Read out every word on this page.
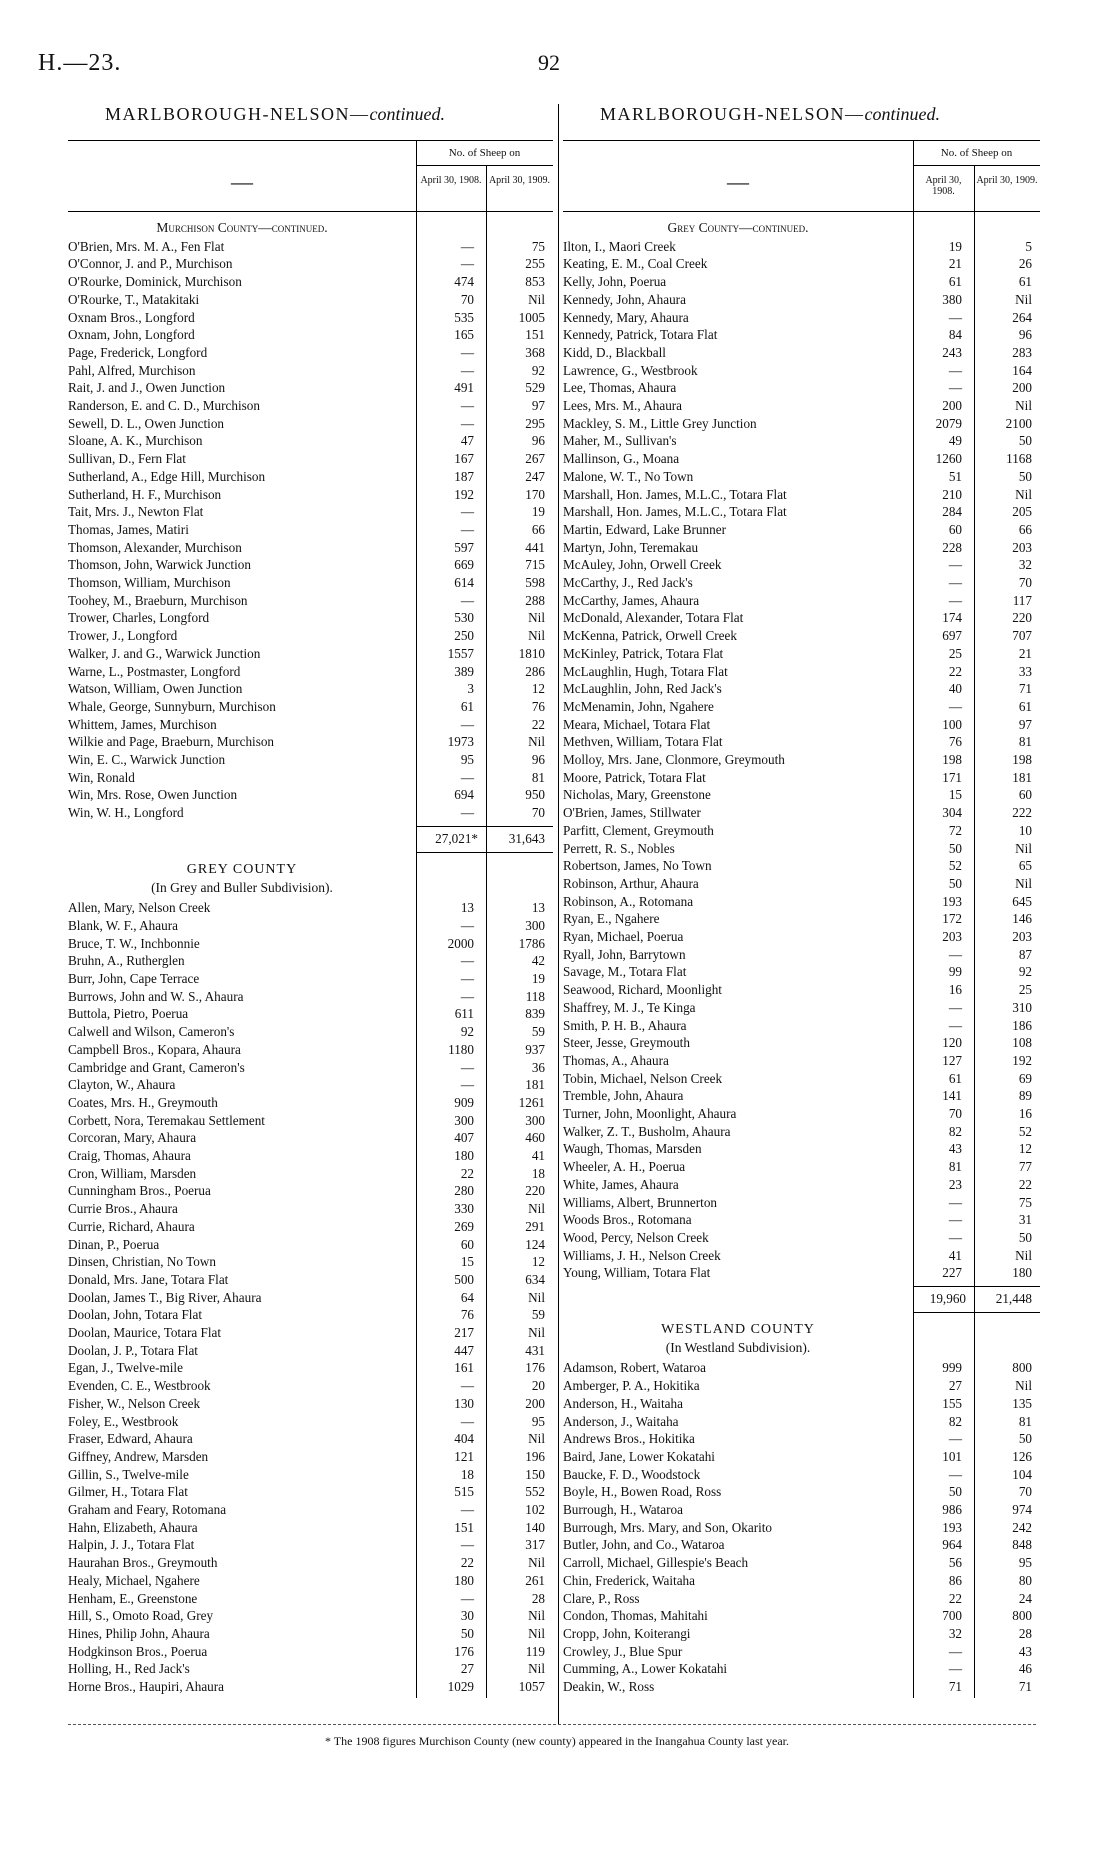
H.—23.	92
MARLBOROUGH-NELSON—continued.	MARLBOROUGH-NELSON—continued.
—
No. of Sheep on
April 30, 1908. April 30, 1909.
Murchison County—continued.
O'Brien, Mrs. M. A., Fen Flat	—	75
O'Connor, J. and P., Murchison	—	255
O'Rourke, Dominick, Murchison	474	853
O'Rourke, T., Matakitaki	70	Nil
Oxnam Bros., Longford	535	1005
Oxnam, John, Longford	165	151
Page, Frederick, Longford	—	368
Pahl, Alfred, Murchison	—	92
Rait, J. and J., Owen Junction	491	529
Randerson, E. and C. D., Murchison	—	97
Sewell, D. L., Owen Junction	—	295
Sloane, A. K., Murchison	47	96
Sullivan, D., Fern Flat	167	267
Sutherland, A., Edge Hill, Murchison	187	247
Sutherland, H. F., Murchison	192	170
Tait, Mrs. J., Newton Flat	—	19
Thomas, James, Matiri	—	66
Thomson, Alexander, Murchison	597	441
Thomson, John, Warwick Junction	669	715
Thomson, William, Murchison	614	598
Toohey, M., Braeburn, Murchison	—	288
Trower, Charles, Longford	530	Nil
Trower, J., Longford	250	Nil
Walker, J. and G., Warwick Junction	1557	1810
Warne, L., Postmaster, Longford	389	286
Watson, William, Owen Junction	3	12
Whale, George, Sunnyburn, Murchison	61	76
Whittem, James, Murchison	—	22
Wilkie and Page, Braeburn, Murchison	1973	Nil
Win, E. C., Warwick Junction	95	96
Win, Ronald	—	81
Win, Mrs. Rose, Owen Junction	694	950
Win, W. H., Longford	—	70
27,021*	31,643
GREY COUNTY
(In Grey and Buller Subdivision).
Allen, Mary, Nelson Creek	13	13
Blank, W. F., Ahaura	—	300
Bruce, T. W., Inchbonnie	2000	1786
Bruhn, A., Rutherglen	—	42
Burr, John, Cape Terrace	—	19
Burrows, John and W. S., Ahaura	—	118
Buttola, Pietro, Poerua	611	839
Calwell and Wilson, Cameron's	92	59
Campbell Bros., Kopara, Ahaura	1180	937
Cambridge and Grant, Cameron's	—	36
Clayton, W., Ahaura	—	181
Coates, Mrs. H., Greymouth	909	1261
Corbett, Nora, Teremakau Settlement	300	300
Corcoran, Mary, Ahaura	407	460
Craig, Thomas, Ahaura	180	41
Cron, William, Marsden	22	18
Cunningham Bros., Poerua	280	220
Currie Bros., Ahaura	330	Nil
Currie, Richard, Ahaura	269	291
Dinan, P., Poerua	60	124
Dinsen, Christian, No Town	15	12
Donald, Mrs. Jane, Totara Flat	500	634
Doolan, James T., Big River, Ahaura	64	Nil
Doolan, John, Totara Flat	76	59
Doolan, Maurice, Totara Flat	217	Nil
Doolan, J. P., Totara Flat	447	431
Egan, J., Twelve-mile	161	176
Evenden, C. E., Westbrook	—	20
Fisher, W., Nelson Creek	130	200
Foley, E., Westbrook	—	95
Fraser, Edward, Ahaura	404	Nil
Giffney, Andrew, Marsden	121	196
Gillin, S., Twelve-mile	18	150
Gilmer, H., Totara Flat	515	552
Graham and Feary, Rotomana	—	102
Hahn, Elizabeth, Ahaura	151	140
Halpin, J. J., Totara Flat	—	317
Haurahan Bros., Greymouth	22	Nil
Healy, Michael, Ngahere	180	261
Henham, E., Greenstone	—	28
Hill, S., Omoto Road, Grey	30	Nil
Hines, Philip John, Ahaura	50	Nil
Hodgkinson Bros., Poerua	176	119
Holling, H., Red Jack's	27	Nil
Horne Bros., Haupiri, Ahaura	1029	1057
—
No. of Sheep on
April 30, 1908.
April 30, 1909.
Grey County—continued.
Ilton, I., Maori Creek	19	5
Keating, E. M., Coal Creek	21	26
Kelly, John, Poerua	61	61
Kennedy, John, Ahaura	380	Nil
Kennedy, Mary, Ahaura	—	264
Kennedy, Patrick, Totara Flat	84	96
Kidd, D., Blackball	243	283
Lawrence, G., Westbrook	—	164
Lee, Thomas, Ahaura	—	200
Lees, Mrs. M., Ahaura	200	Nil
Mackley, S. M., Little Grey Junction	2079	2100
Maher, M., Sullivan's	49	50
Mallinson, G., Moana	1260	1168
Malone, W. T., No Town	51	50
Marshall, Hon. James, M.L.C., Totara Flat	210	Nil
Marshall, Hon. James, M.L.C., Totara Flat	284	205
Martin, Edward, Lake Brunner	60	66
Martyn, John, Teremakau	228	203
McAuley, John, Orwell Creek	—	32
McCarthy, J., Red Jack's	—	70
McCarthy, James, Ahaura	—	117
McDonald, Alexander, Totara Flat	174	220
McKenna, Patrick, Orwell Creek	697	707
McKinley, Patrick, Totara Flat	25	21
McLaughlin, Hugh, Totara Flat	22	33
McLaughlin, John, Red Jack's	40	71
McMenamin, John, Ngahere	—	61
Meara, Michael, Totara Flat	100	97
Methven, William, Totara Flat	76	81
Molloy, Mrs. Jane, Clonmore, Greymouth	198	198
Moore, Patrick, Totara Flat	171	181
Nicholas, Mary, Greenstone	15	60
O'Brien, James, Stillwater	304	222
Parfitt, Clement, Greymouth	72	10
Perrett, R. S., Nobles	50	Nil
Robertson, James, No Town	52	65
Robinson, Arthur, Ahaura	50	Nil
Robinson, A., Rotomana	193	645
Ryan, E., Ngahere	172	146
Ryan, Michael, Poerua	203	203
Ryall, John, Barrytown	—	87
Savage, M., Totara Flat	99	92
Seawood, Richard, Moonlight	16	25
Shaffrey, M. J., Te Kinga	—	310
Smith, P. H. B., Ahaura	—	186
Steer, Jesse, Greymouth	120	108
Thomas, A., Ahaura	127	192
Tobin, Michael, Nelson Creek	61	69
Tremble, John, Ahaura	141	89
Turner, John, Moonlight, Ahaura	70	16
Walker, Z. T., Busholm, Ahaura	82	52
Waugh, Thomas, Marsden	43	12
Wheeler, A. H., Poerua	81	77
White, James, Ahaura	23	22
Williams, Albert, Brunnerton	—	75
Woods Bros., Rotomana	—	31
Wood, Percy, Nelson Creek	—	50
Williams, J. H., Nelson Creek	41	Nil
Young, William, Totara Flat	227	180
19,960	21,448
WESTLAND COUNTY
(In Westland Subdivision).
Adamson, Robert, Wataroa	999	800
Amberger, P. A., Hokitika	27	Nil
Anderson, H., Waitaha	155	135
Anderson, J., Waitaha	82	81
Andrews Bros., Hokitika	—	50
Baird, Jane, Lower Kokatahi	101	126
Baucke, F. D., Woodstock	—	104
Boyle, H., Bowen Road, Ross	50	70
Burrough, H., Wataroa	986	974
Burrough, Mrs. Mary, and Son, Okarito	193	242
Butler, John, and Co., Wataroa	964	848
Carroll, Michael, Gillespie's Beach	56	95
Chin, Frederick, Waitaha	86	80
Clare, P., Ross	22	24
Condon, Thomas, Mahitahi	700	800
Cropp, John, Koiterangi	32	28
Crowley, J., Blue Spur	—	43
Cumming, A., Lower Kokatahi	—	46
Deakin, W., Ross	71	71
* The 1908 figures Murchison County (new county) appeared in the Inangahua County last year.
